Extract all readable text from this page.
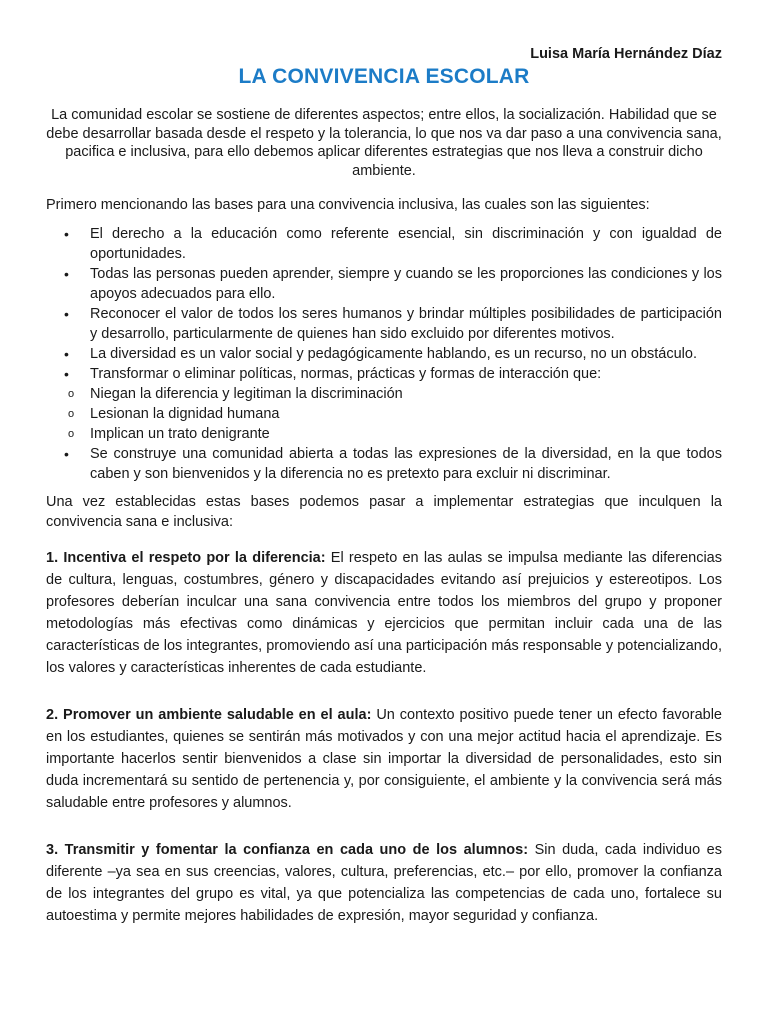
Luisa María Hernández Díaz

LA CONVIVENCIA ESCOLAR

La comunidad escolar se sostiene de diferentes aspectos; entre ellos, la socialización. Habilidad que se debe desarrollar basada desde el respeto y la tolerancia, lo que nos va dar paso a una convivencia sana, pacifica e inclusiva, para ello debemos aplicar diferentes estrategias que nos lleva a construir dicho ambiente.

Primero mencionando las bases para una convivencia inclusiva, las cuales son las siguientes:

•	El derecho a la educación como referente esencial, sin discriminación y con igualdad de oportunidades.
•	Todas las personas pueden aprender, siempre y cuando se les proporciones las condiciones y los apoyos adecuados para ello.
•	Reconocer el valor de todos los seres humanos y brindar múltiples posibilidades de participación y desarrollo, particularmente de quienes han sido excluido por diferentes motivos.
•	La diversidad es un valor social y pedagógicamente hablando, es un recurso, no un obstáculo.
•	Transformar o eliminar políticas, normas, prácticas y formas de interacción que:
o	Niegan la diferencia y legitiman la discriminación
o	Lesionan la dignidad humana
o	Implican un trato denigrante
•	Se construye una comunidad abierta a todas las expresiones de la diversidad, en la que todos caben y son bienvenidos y la diferencia no es pretexto para excluir ni discriminar.

Una vez establecidas estas bases podemos pasar a implementar estrategias que inculquen la convivencia sana e inclusiva:

1. Incentiva el respeto por la diferencia: El respeto en las aulas se impulsa mediante las diferencias de cultura, lenguas, costumbres, género y discapacidades evitando así prejuicios y estereotipos. Los profesores deberían inculcar una sana convivencia entre todos los miembros del grupo y proponer metodologías más efectivas como dinámicas y ejercicios que permitan incluir cada una de las características de los integrantes, promoviendo así una participación más responsable y potencializando, los valores y características inherentes de cada estudiante.

2. Promover un ambiente saludable en el aula: Un contexto positivo puede tener un efecto favorable en los estudiantes, quienes se sentirán más motivados y con una mejor actitud hacia el aprendizaje. Es importante hacerlos sentir bienvenidos a clase sin importar la diversidad de personalidades, esto sin duda incrementará su sentido de pertenencia y, por consiguiente, el ambiente y la convivencia será más saludable entre profesores y alumnos.

3. Transmitir y fomentar la confianza en cada uno de los alumnos: Sin duda, cada individuo es diferente –ya sea en sus creencias, valores, cultura, preferencias, etc.– por ello, promover la confianza de los integrantes del grupo es vital, ya que potencializa las competencias de cada uno, fortalece su autoestima y permite mejores habilidades de expresión, mayor seguridad y confianza.
